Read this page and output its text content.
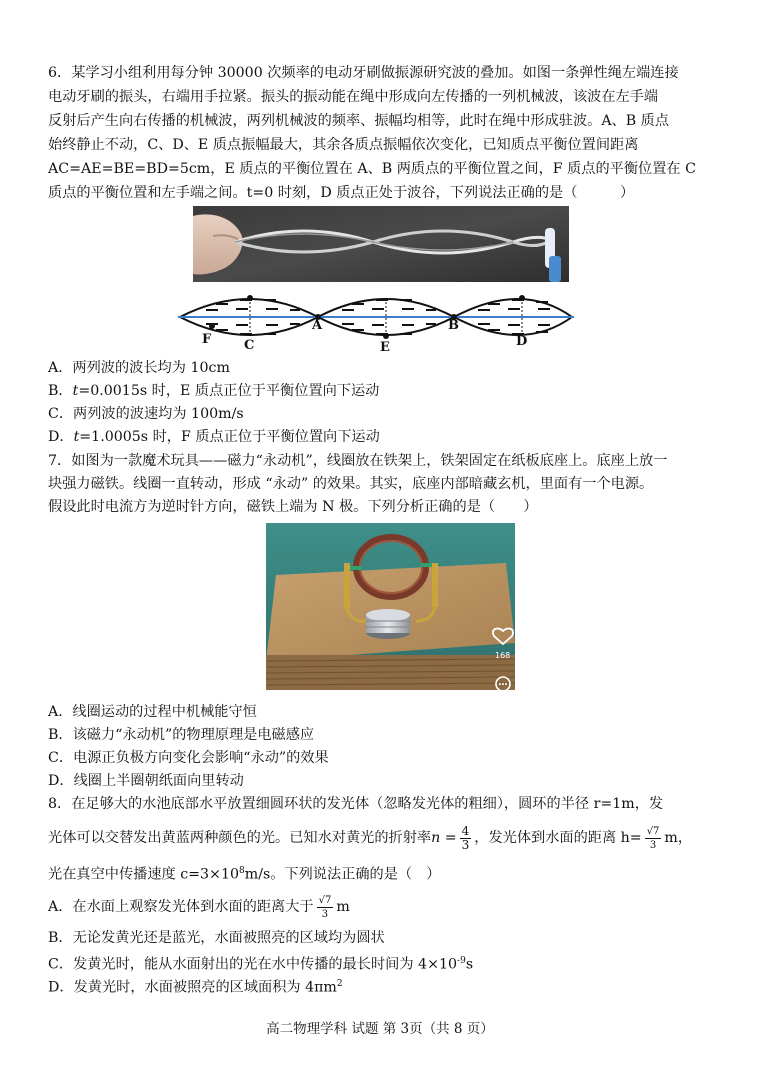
6．某学习小组利用每分钟 30000 次频率的电动牙刷做振源研究波的叠加。如图一条弹性绳左端连接
电动牙刷的振头，右端用手拉紧。振头的振动能在绳中形成向左传播的一列机械波，该波在左手端
反射后产生向右传播的机械波，两列机械波的频率、振幅均相等，此时在绳中形成驻波。A、B 质点
始终静止不动，C、D、E 质点振幅最大，其余各质点振幅依次变化，已知质点平衡位置间距离
AC=AE=BE=BD=5cm，E 质点的平衡位置在 A、B 两质点的平衡位置之间，F 质点的平衡位置在 C
质点的平衡位置和左手端之间。t=0 时刻，D 质点正处于波谷，下列说法正确的是（　　　）
F	C
A
E
B
D
A．两列波的波长均为 10cm
B．t=0.0015s 时，E 质点正位于平衡位置向下运动
C．两列波的波速均为 100m/s
D．t=1.0005s 时，F 质点正位于平衡位置向下运动
7．如图为一款魔术玩具——磁力“永动机”，线圈放在铁架上，铁架固定在纸板底座上。底座上放一
块强力磁铁。线圈一直转动，形成 “永动” 的效果。其实，底座内部暗藏玄机，里面有一个电源。
假设此时电流方为逆时针方向，磁铁上端为 N 极。下列分析正确的是（　　）
168
A．线圈运动的过程中机械能守恒
B．该磁力“永动机”的物理原理是电磁感应
C．电源正负极方向变化会影响“永动”的效果
D．线圈上半圈朝纸面向里转动
8．在足够大的水池底部水平放置细圆环状的发光体（忽略发光体的粗细），圆环的半径 r=1m，发
光体可以交替发出黄蓝两种颜色的光。已知水对黄光的折射率$n = \frac{4}{3}$ ，发光体到水面的距离 $h= \frac{√7}{3}$ m，
光在真空中传播速度 $c=3\times 10^8m/s$。下列说法正确的是（　）
A．在水面上观察发光体到水面的距离大于 $\frac{√7}{3}$ m
B．无论发黄光还是蓝光，水面被照亮的区域均为圆状
C．发黄光时，能从水面射出的光在水中传播的最长时间为 $4\times 10^{-9}s$
D．发黄光时，水面被照亮的区域面积为 $4\pi m^2$
高二物理学科 试题 第 3页（共 8 页）
